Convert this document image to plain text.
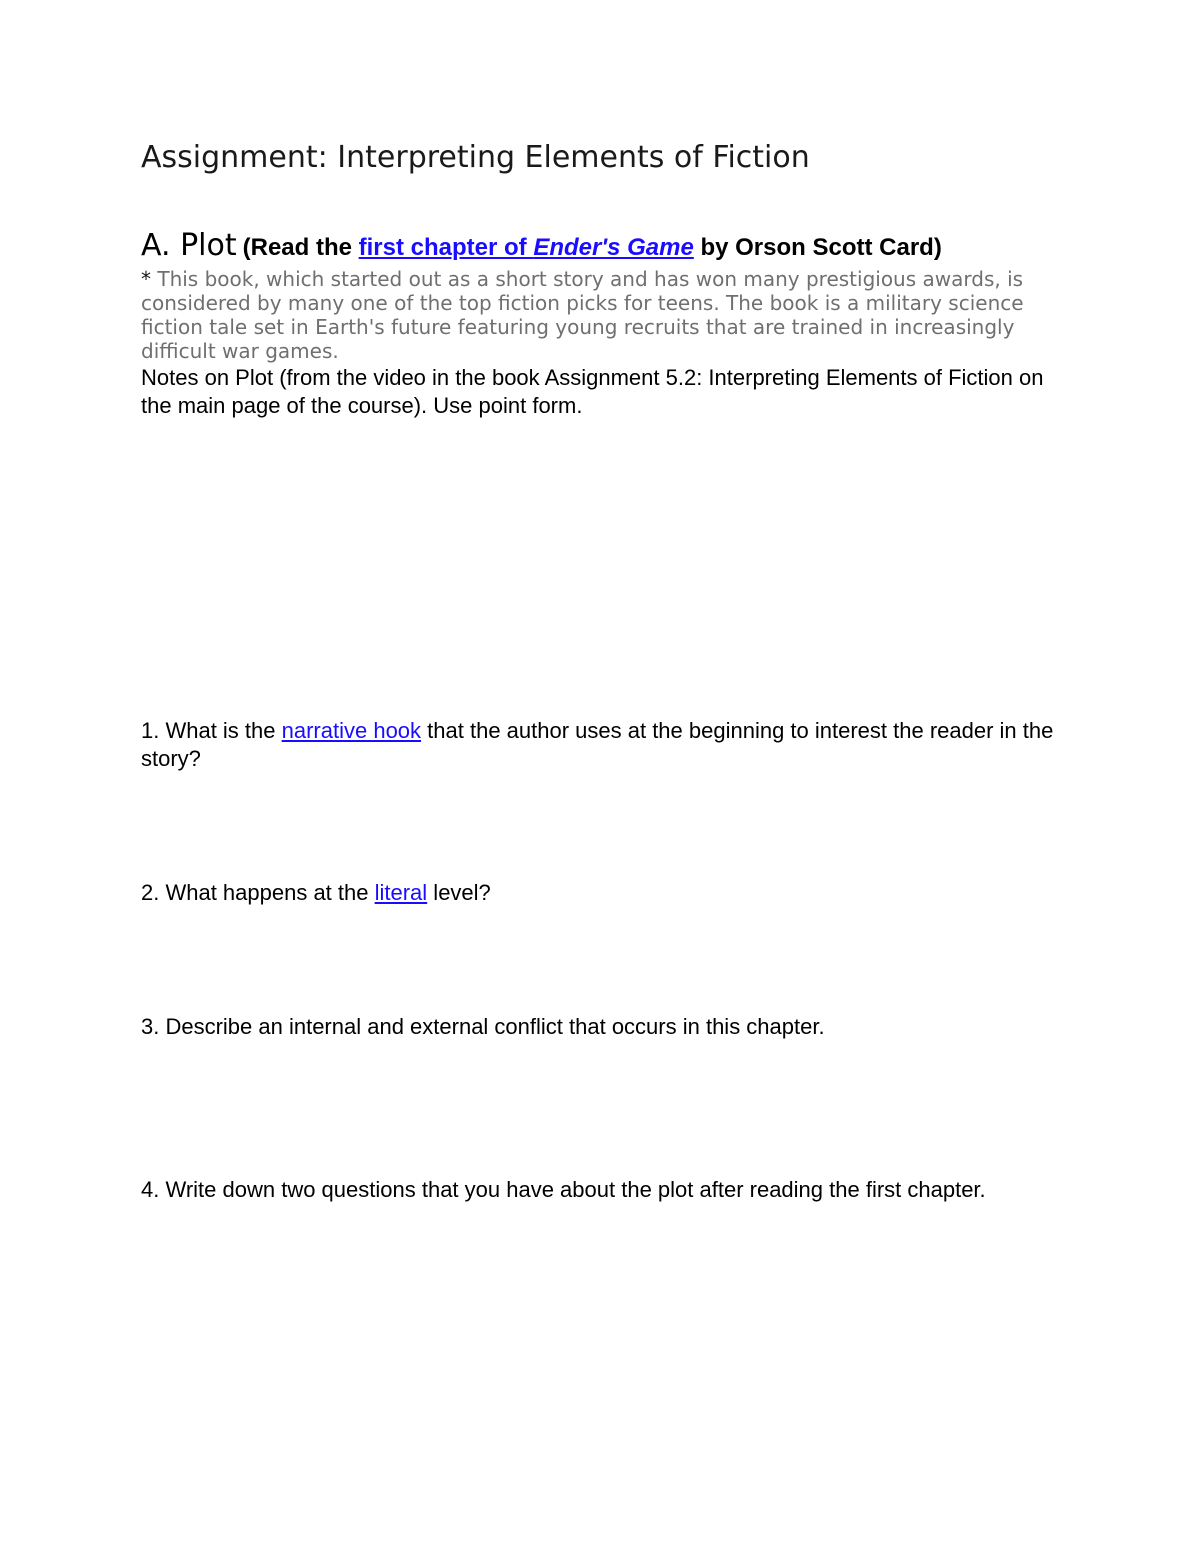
Assignment: Interpreting Elements of Fiction
A. Plot (Read the first chapter of Ender's Game by Orson Scott Card)

* This book, which started out as a short story and has won many prestigious awards, is considered by many one of the top fiction picks for teens. The book is a military science fiction tale set in Earth's future featuring young recruits that are trained in increasingly difficult war games.

Notes on Plot (from the video in the book Assignment 5.2: Interpreting Elements of Fiction on the main page of the course). Use point form.

1. What is the narrative hook that the author uses at the beginning to interest the reader in the story?

2. What happens at the literal level?

3. Describe an internal and external conflict that occurs in this chapter.

4. Write down two questions that you have about the plot after reading the first chapter.
